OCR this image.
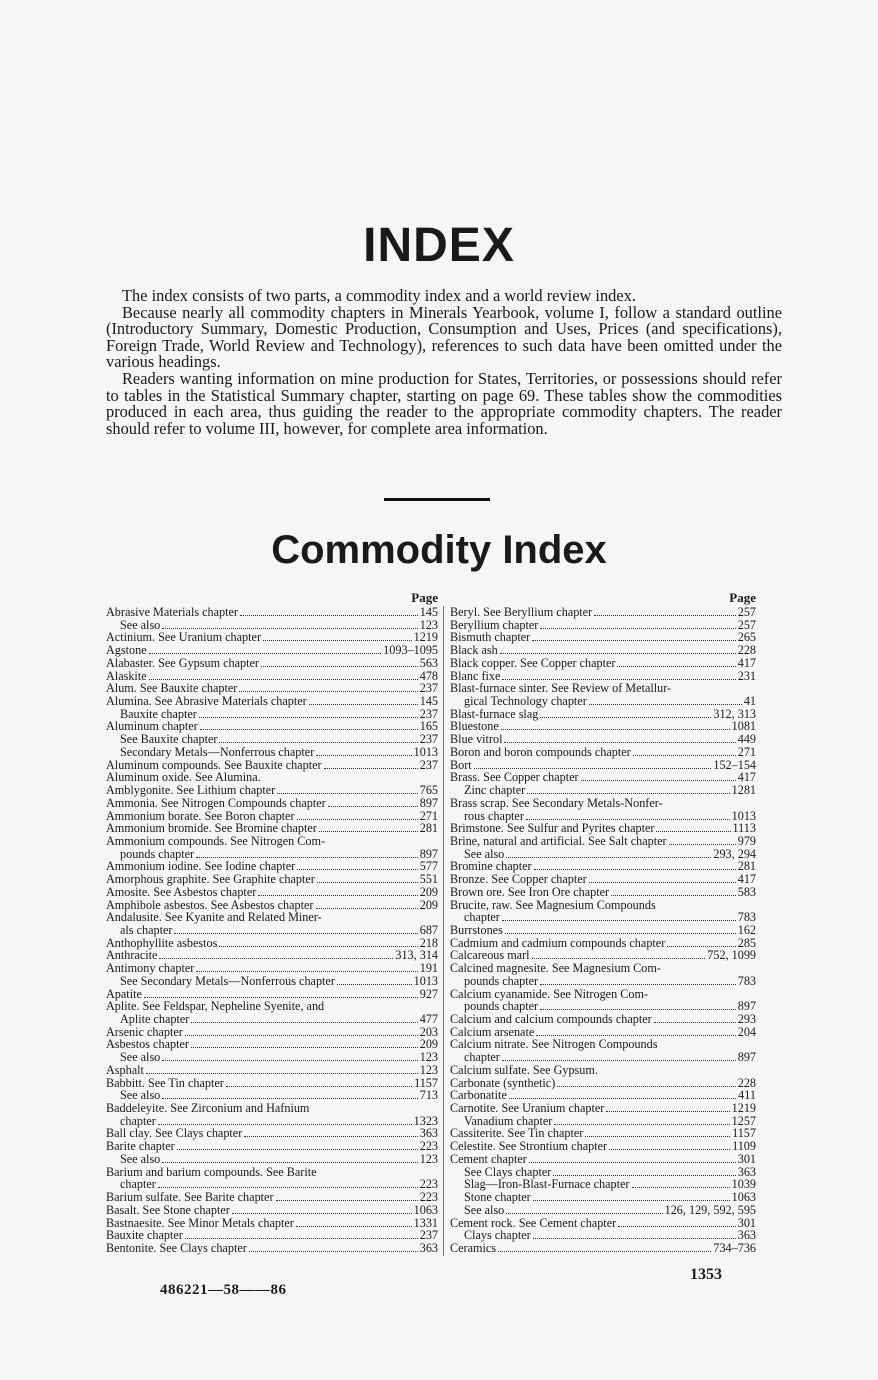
INDEX

The index consists of two parts, a commodity index and a world review index.

Because nearly all commodity chapters in Minerals Yearbook, volume I, follow a standard outline (Introductory Summary, Domestic Production, Consumption and Uses, Prices (and specifications), Foreign Trade, World Review and Technology), references to such data have been omitted under the various headings.

Readers wanting information on mine production for States, Territories, or possessions should refer to tables in the Statistical Summary chapter, starting on page 69. These tables show the commodities produced in each area, thus guiding the reader to the appropriate commodity chapters. The reader should refer to volume III, however, for complete area information.

Commodity Index
Page
Abrasive Materials chapter	145
See also	123
Actinium. See Uranium chapter	1219
Agstone	1093–1095
Alabaster. See Gypsum chapter	563
Alaskite	478
Alum. See Bauxite chapter	237
Alumina. See Abrasive Materials chapter	145
Bauxite chapter	237
Aluminum chapter	165
See Bauxite chapter	237
Secondary Metals—Nonferrous chapter	1013
Aluminum compounds. See Bauxite chapter	237
Aluminum oxide. See Alumina.
Amblygonite. See Lithium chapter	765
Ammonia. See Nitrogen Compounds chapter	897
Ammonium borate. See Boron chapter	271
Ammonium bromide. See Bromine chapter	281
Ammonium compounds. See Nitrogen Com-
pounds chapter	897
Ammonium iodine. See Iodine chapter	577
Amorphous graphite. See Graphite chapter	551
Amosite. See Asbestos chapter	209
Amphibole asbestos. See Asbestos chapter	209
Andalusite. See Kyanite and Related Miner-
als chapter	687
Anthophyllite asbestos	218
Anthracite	313, 314
Antimony chapter	191
See Secondary Metals—Nonferrous chapter	1013
Apatite	927
Aplite. See Feldspar, Nepheline Syenite, and
Aplite chapter	477
Arsenic chapter	203
Asbestos chapter	209
See also	123
Asphalt	123
Babbitt. See Tin chapter	1157
See also	713
Baddeleyite. See Zirconium and Hafnium
chapter	1323
Ball clay. See Clays chapter	363
Barite chapter	223
See also	123
Barium and barium compounds. See Barite
chapter	223
Barium sulfate. See Barite chapter	223
Basalt. See Stone chapter	1063
Bastnaesite. See Minor Metals chapter	1331
Bauxite chapter	237
Bentonite. See Clays chapter	363
Page
Beryl. See Beryllium chapter	257
Beryllium chapter	257
Bismuth chapter	265
Black ash	228
Black copper. See Copper chapter	417
Blanc fixe	231
Blast-furnace sinter. See Review of Metallur-
gical Technology chapter	41
Blast-furnace slag	312, 313
Bluestone	1081
Blue vitrol	449
Boron and boron compounds chapter	271
Bort	152–154
Brass. See Copper chapter	417
Zinc chapter	1281
Brass scrap. See Secondary Metals-Nonfer-
rous chapter	1013
Brimstone. See Sulfur and Pyrites chapter	1113
Brine, natural and artificial. See Salt chapter	979
See also	293, 294
Bromine chapter	281
Bronze. See Copper chapter	417
Brown ore. See Iron Ore chapter	583
Brucite, raw. See Magnesium Compounds
chapter	783
Burrstones	162
Cadmium and cadmium compounds chapter	285
Calcareous marl	752, 1099
Calcined magnesite. See Magnesium Com-
pounds chapter	783
Calcium cyanamide. See Nitrogen Com-
pounds chapter	897
Calcium and calcium compounds chapter	293
Calcium arsenate	204
Calcium nitrate. See Nitrogen Compounds
chapter	897
Calcium sulfate. See Gypsum.
Carbonate (synthetic)	228
Carbonatite	411
Carnotite. See Uranium chapter	1219
Vanadium chapter	1257
Cassiterite. See Tin chapter	1157
Celestite. See Strontium chapter	1109
Cement chapter	301
See Clays chapter	363
Slag—Iron-Blast-Furnace chapter	1039
Stone chapter	1063
See also	126, 129, 592, 595
Cement rock. See Cement chapter	301
Clays chapter	363
Ceramics	734–736
1353
486221—58——86
